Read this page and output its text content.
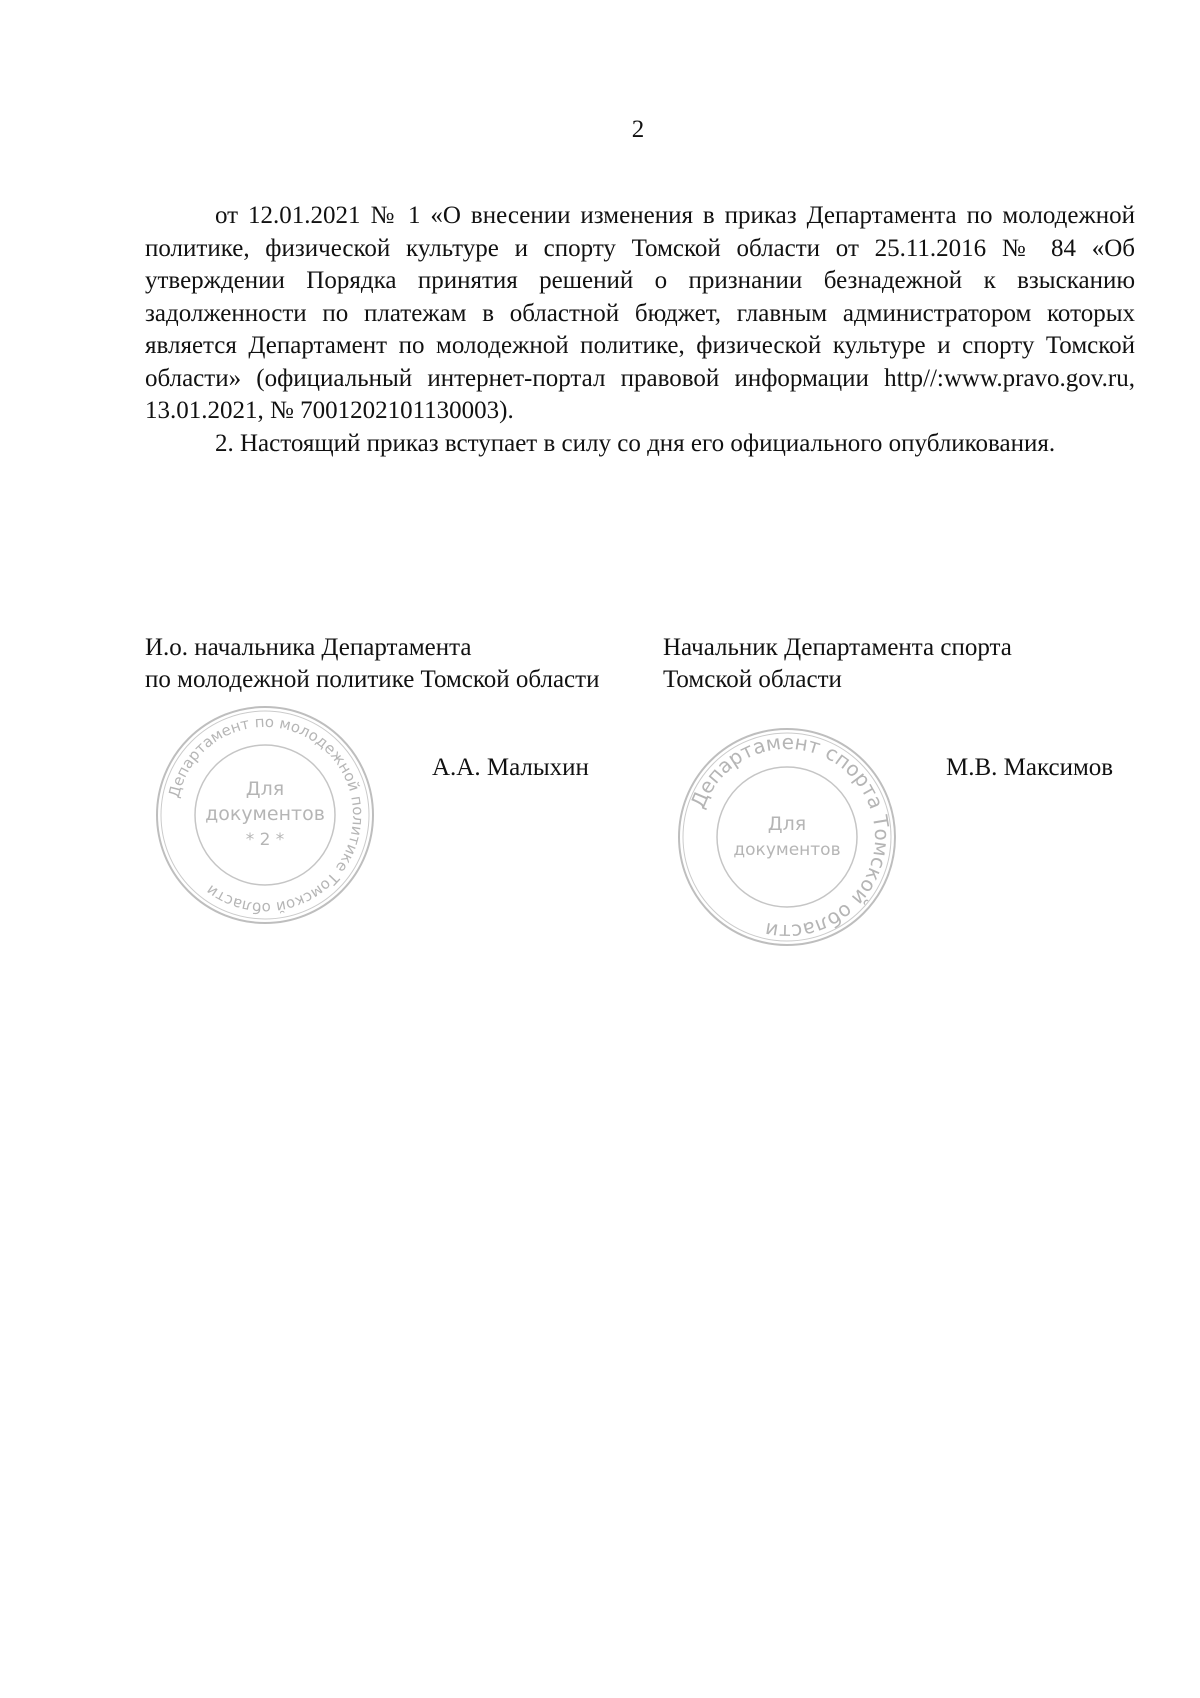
2

от 12.01.2021 № 1 «О внесении изменения в приказ Департамента по молодежной политике, физической культуре и спорту Томской области от 25.11.2016 № 84 «Об утверждении Порядка принятия решений о признании безнадежной к взысканию задолженности по платежам в областной бюджет, главным администратором которых является Департамент по молодежной политике, физической культуре и спорту Томской области» (официальный интернет-портал правовой информации http//:www.pravo.gov.ru, 13.01.2021, № 7001202101130003).

2. Настоящий приказ вступает в силу со дня его официального опубликования.

И.о. начальника Департамента
по молодежной политике Томской области
Начальник Департамента спорта
Томской области
А.А. Малыхин	М.В. Максимов
Департамент по молодежной политике Томской области
Для
документов
* 2 *
Департамент спорта Томской области
Для
документов
